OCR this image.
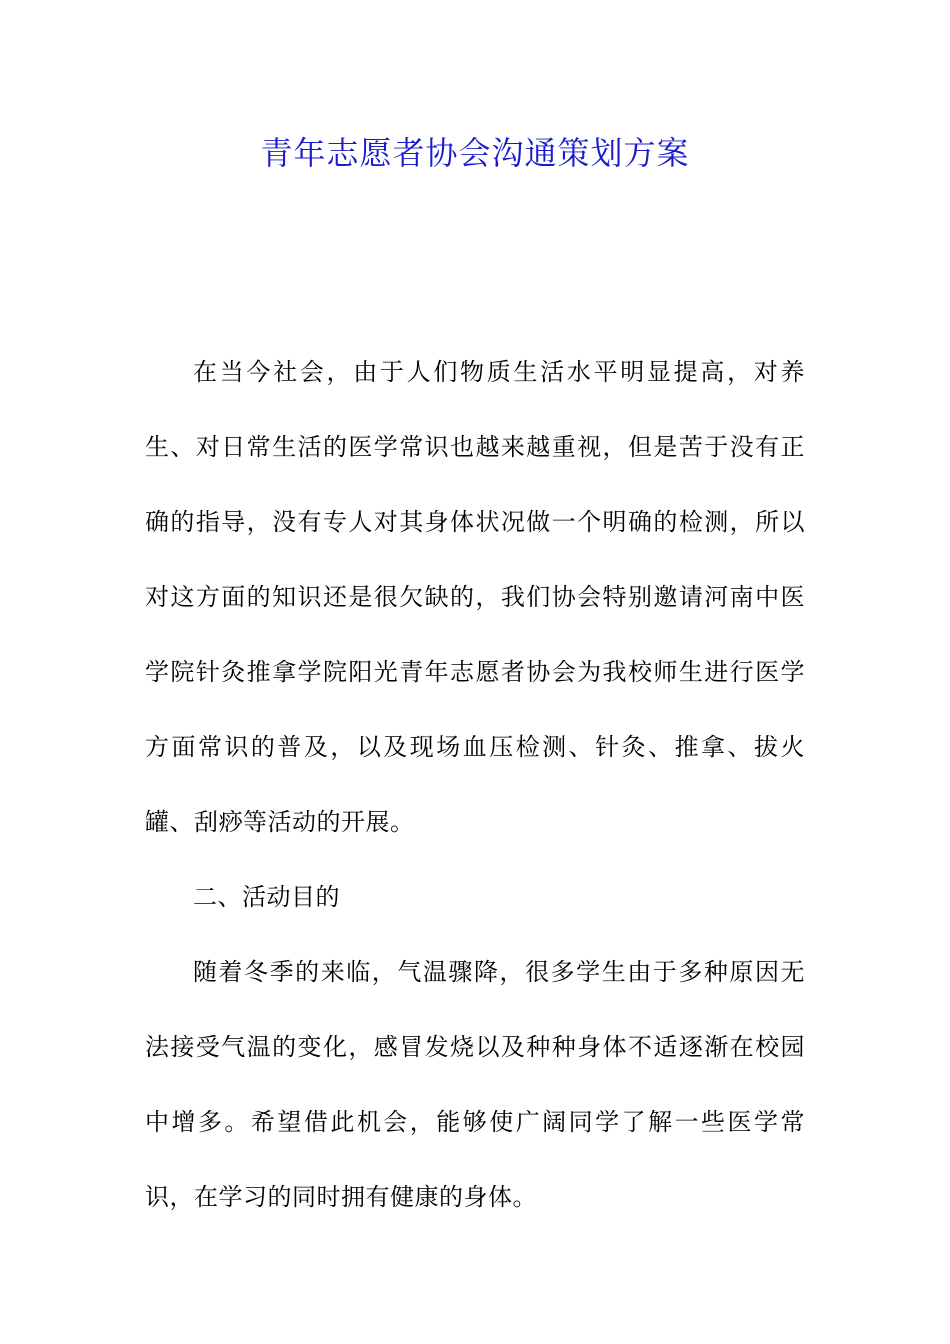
青年志愿者协会沟通策划方案

在当今社会，由于人们物质生活水平明显提高，对养生、对日常生活的医学常识也越来越重视，但是苦于没有正确的指导，没有专人对其身体状况做一个明确的检测，所以对这方面的知识还是很欠缺的，我们协会特别邀请河南中医学院针灸推拿学院阳光青年志愿者协会为我校师生进行医学方面常识的普及，以及现场血压检测、针灸、推拿、拔火罐、刮痧等活动的开展。

二、活动目的

随着冬季的来临，气温骤降，很多学生由于多种原因无法接受气温的变化，感冒发烧以及种种身体不适逐渐在校园中增多。希望借此机会，能够使广阔同学了解一些医学常识，在学习的同时拥有健康的身体。
